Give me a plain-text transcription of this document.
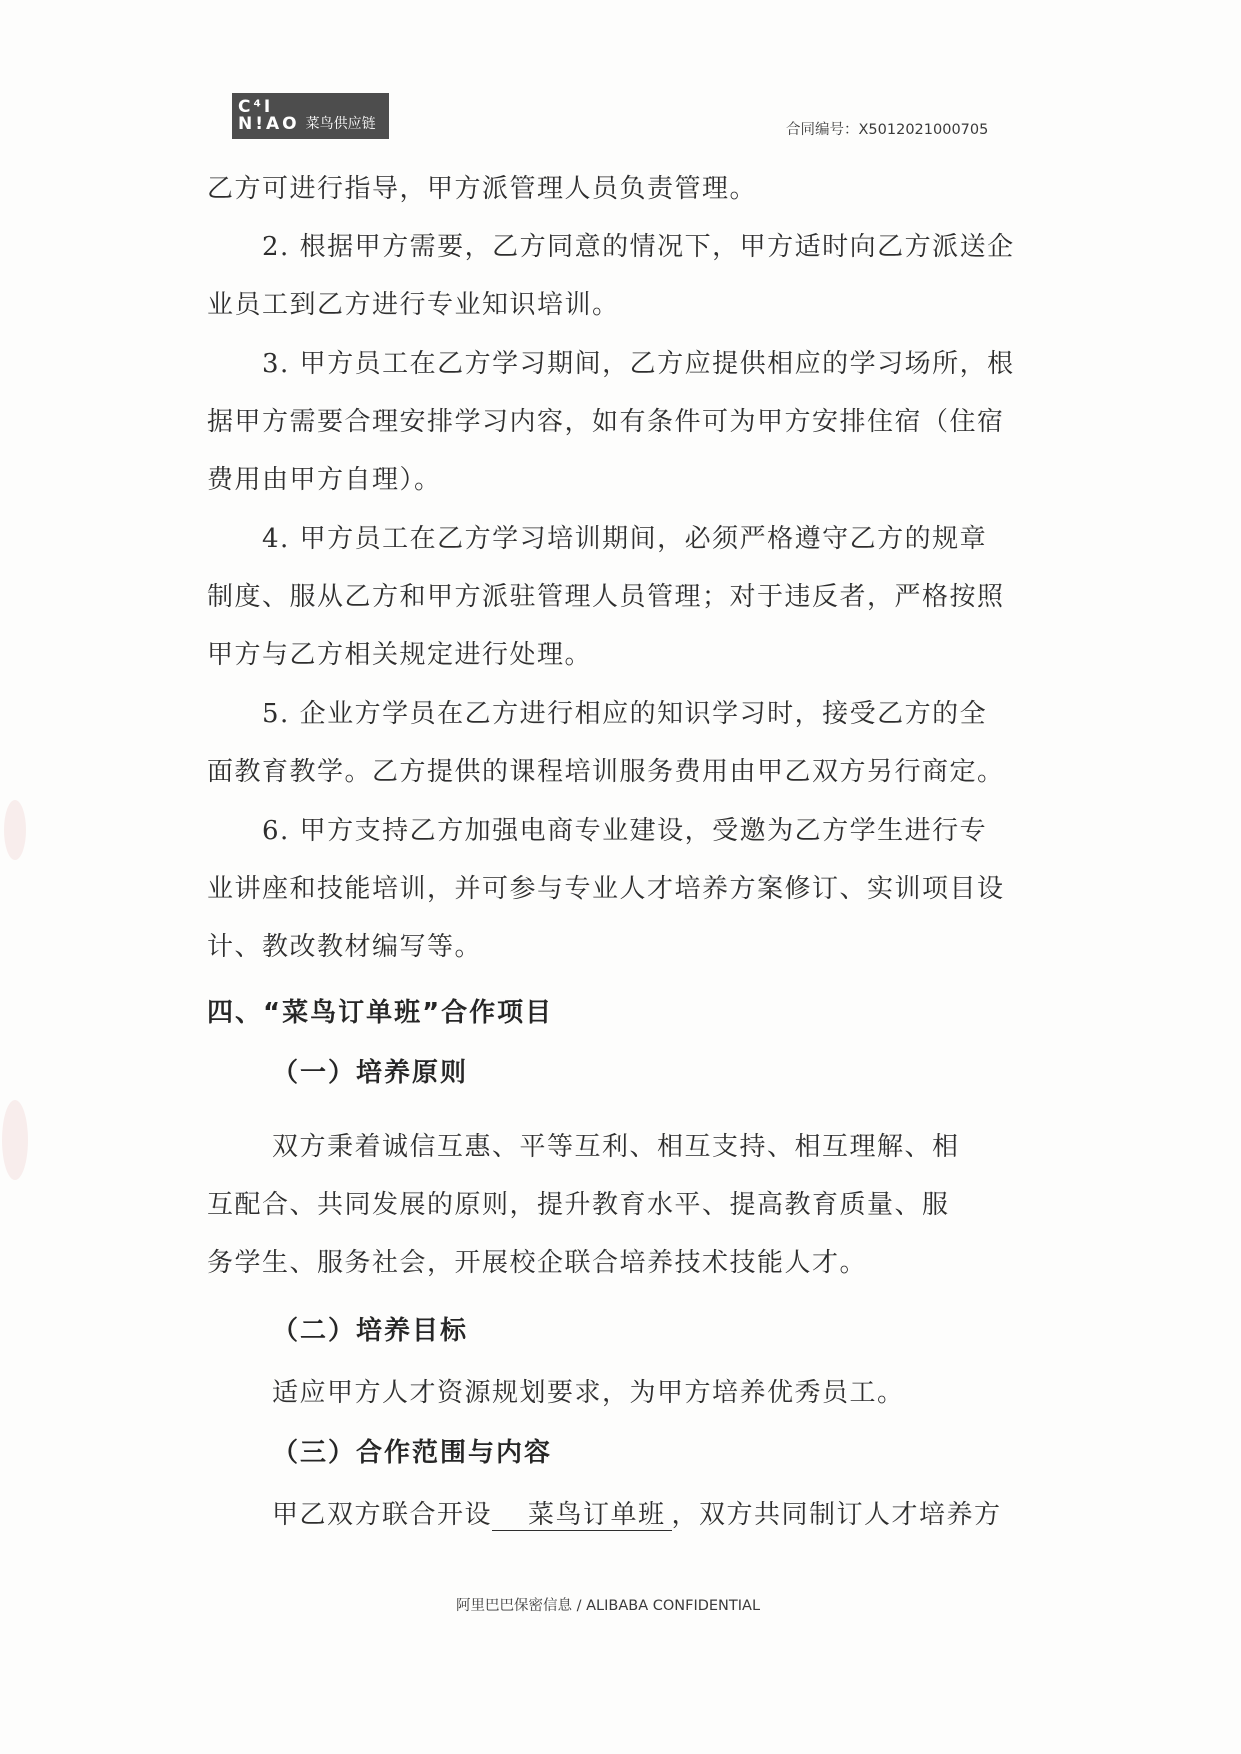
C⁴I
N!AO 菜鸟供应链	合同编号：X5012021000705
乙方可进行指导，甲方派管理人员负责管理。
2. 根据甲方需要，乙方同意的情况下，甲方适时向乙方派送企
业员工到乙方进行专业知识培训。
3. 甲方员工在乙方学习期间，乙方应提供相应的学习场所，根
据甲方需要合理安排学习内容，如有条件可为甲方安排住宿（住宿
费用由甲方自理）。
4. 甲方员工在乙方学习培训期间，必须严格遵守乙方的规章
制度、服从乙方和甲方派驻管理人员管理；对于违反者，严格按照
甲方与乙方相关规定进行处理。
5. 企业方学员在乙方进行相应的知识学习时，接受乙方的全
面教育教学。乙方提供的课程培训服务费用由甲乙双方另行商定。
6. 甲方支持乙方加强电商专业建设，受邀为乙方学生进行专
业讲座和技能培训，并可参与专业人才培养方案修订、实训项目设
计、教改教材编写等。
四、“菜鸟订单班”合作项目
（一）培养原则
双方秉着诚信互惠、平等互利、相互支持、相互理解、相
互配合、共同发展的原则，提升教育水平、提高教育质量、服
务学生、服务社会，开展校企联合培养技术技能人才。
（二）培养目标
适应甲方人才资源规划要求，为甲方培养优秀员工。
（三）合作范围与内容
甲乙双方联合开设 菜鸟订单班 ，双方共同制订人才培养方
阿里巴巴保密信息 / ALIBABA CONFIDENTIAL
